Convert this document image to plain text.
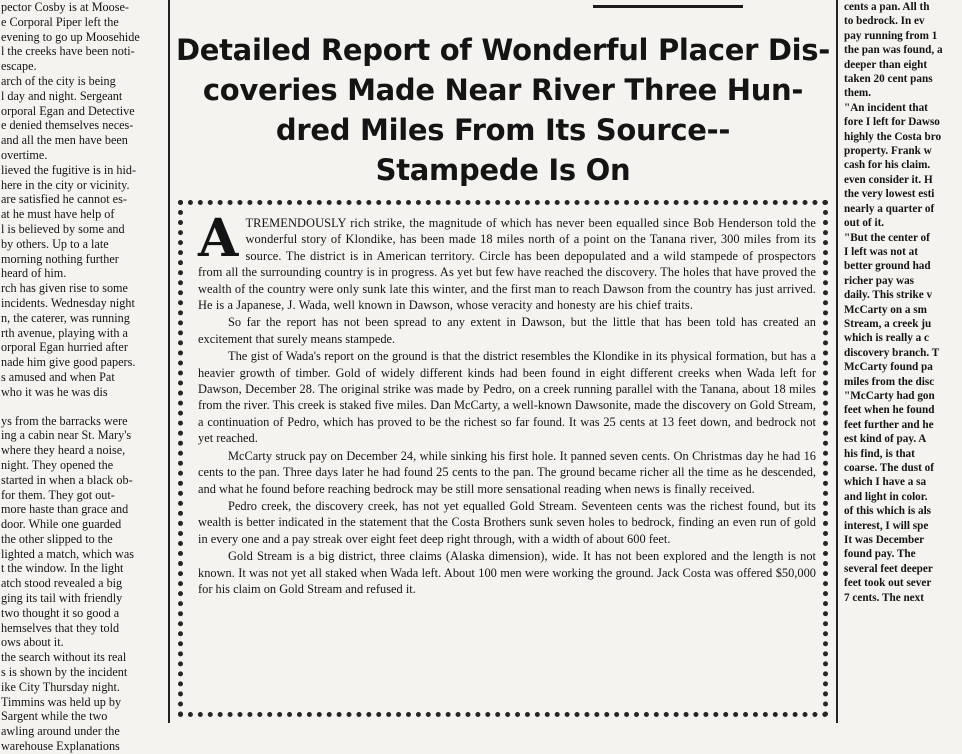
pector Cosby is at Moose-
e Corporal Piper left the
evening to go up Moosehide
l the creeks have been noti-
escape.
arch of the city is being
l day and night. Sergeant
orporal Egan and Detective
e denied themselves neces-
and all the men have been
overtime.
lieved the fugitive is in hid-
here in the city or vicinity.
are satisfied he cannot es-
at he must have help of
l is believed by some and
by others. Up to a late
morning nothing further
heard of him.
rch has given rise to some
incidents. Wednesday night
n, the caterer, was running
rth avenue, playing with a
orporal Egan hurried after
nade him give good papers.
s amused and when Pat
who it was he was dis
ys from the barracks were
ing a cabin near St. Mary's
where they heard a noise,
night. They opened the
started in when a black ob-
for them. They got out-
more haste than grace and
door. While one guarded
the other slipped to the
lighted a match, which was
t the window. In the light
atch stood revealed a big
ging its tail with friendly
two thought it so good a
hemselves that they told
ows about it.
the search without its real
s is shown by the incident
ike City Thursday night.
Timmins was held up by
Sargent while the two
awling around under the
warehouse Explanations
Detailed Report of Wonderful Placer Dis-
coveries Made Near River Three Hun-
dred Miles From Its Source--
Stampede Is On

ATREMENDOUSLY rich strike, the magnitude of which has never been equalled since Bob Henderson told the wonderful story of Klondike, has been made 18 miles north of a point on the Tanana river, 300 miles from its source. The district is in American territory. Circle has been depopulated and a wild stampede of prospectors from all the surrounding country is in progress. As yet but few have reached the discovery. The holes that have proved the wealth of the country were only sunk late this winter, and the first man to reach Dawson from the country has just arrived. He is a Japanese, J. Wada, well known in Dawson, whose veracity and honesty are his chief traits.

So far the report has not been spread to any extent in Dawson, but the little that has been told has created an excitement that surely means stampede.

The gist of Wada's report on the ground is that the district resembles the Klondike in its physical formation, but has a heavier growth of timber. Gold of widely different kinds had been found in eight different creeks when Wada left for Dawson, December 28. The original strike was made by Pedro, on a creek running parallel with the Tanana, about 18 miles from the river. This creek is staked five miles. Dan McCarty, a well-known Dawsonite, made the discovery on Gold Stream, a continuation of Pedro, which has proved to be the richest so far found. It was 25 cents at 13 feet down, and bedrock not yet reached.

McCarty struck pay on December 24, while sinking his first hole. It panned seven cents. On Christmas day he had 16 cents to the pan. Three days later he had found 25 cents to the pan. The ground became richer all the time as he descended, and what he found before reaching bedrock may be still more sensational reading when news is finally received.

Pedro creek, the discovery creek, has not yet equalled Gold Stream. Seventeen cents was the richest found, but its wealth is better indicated in the statement that the Costa Brothers sunk seven holes to bedrock, finding an even run of gold in every one and a pay streak over eight feet deep right through, with a width of about 600 feet.

Gold Stream is a big district, three claims (Alaska dimension), wide. It has not been explored and the length is not known. It was not yet all staked when Wada left. About 100 men were working the ground. Jack Costa was offered $50,000 for his claim on Gold Stream and refused it.

cents a pan. All th
to bedrock. In ev
pay running from 1
the pan was found, a
deeper than eight
taken 20 cent pans
them.
"An incident that
fore I left for Dawso
highly the Costa bro
property. Frank w
cash for his claim.
even consider it. H
the very lowest esti
nearly a quarter of
out of it.
"But the center of
I left was not at
better ground had
richer pay was
daily. This strike v
McCarty on a sm
Stream, a creek ju
which is really a c
discovery branch. T
McCarty found pa
miles from the disc
"McCarty had gon
feet when he found
feet further and he
est kind of pay. A
his find, is that
coarse. The dust of
which I have a sa
and light in color.
of this which is als
interest, I will spe
It was December
found pay. The
several feet deeper
feet took out sever
7 cents. The next
